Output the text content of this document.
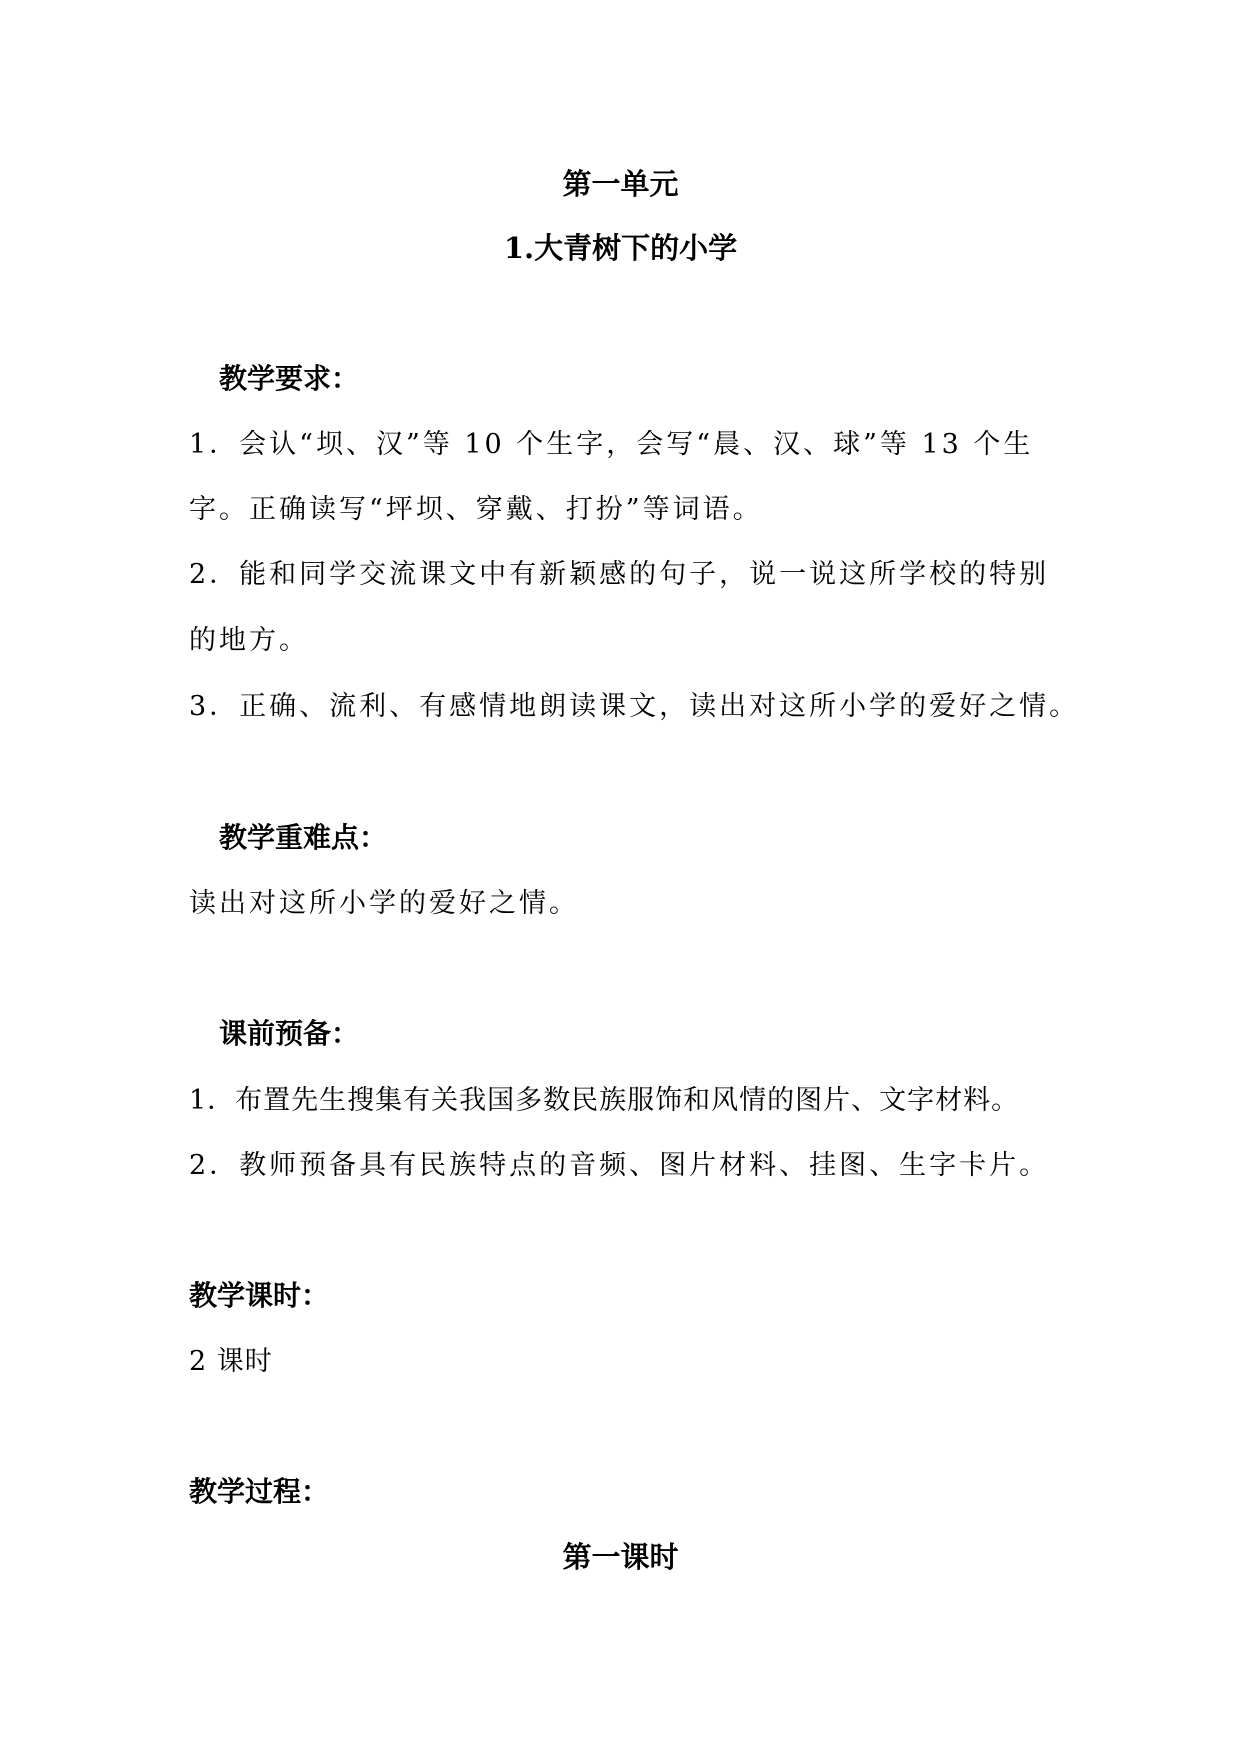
第一单元
1.大青树下的小学
教学要求：
1．会认“坝、汉”等 10 个生字，会写“晨、汉、球”等 13 个生
字。正确读写“坪坝、穿戴、打扮”等词语。
2．能和同学交流课文中有新颖感的句子，说一说这所学校的特别
的地方。
3．正确、流利、有感情地朗读课文，读出对这所小学的爱好之情。
教学重难点：
读出对这所小学的爱好之情。
课前预备：
1．布置先生搜集有关我国多数民族服饰和风情的图片、文字材料。
2．教师预备具有民族特点的音频、图片材料、挂图、生字卡片。
教学课时：
2 课时
教学过程：
第一课时
